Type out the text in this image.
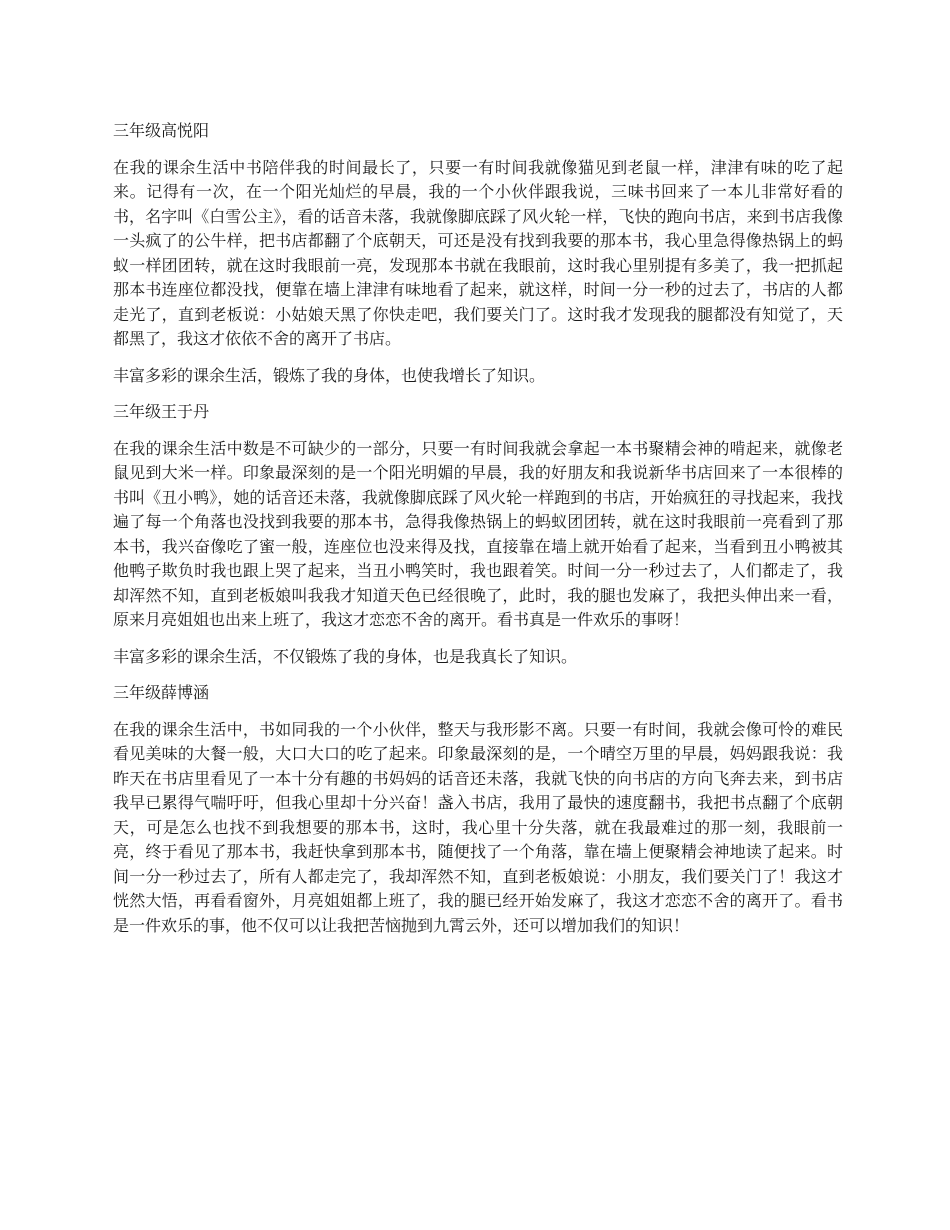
三年级高悦阳

在我的课余生活中书陪伴我的时间最长了，只要一有时间我就像猫见到老鼠一样，津津有味的吃了起来。记得有一次，在一个阳光灿烂的早晨，我的一个小伙伴跟我说，三味书回来了一本儿非常好看的书，名字叫《白雪公主》，看的话音未落，我就像脚底踩了风火轮一样，飞快的跑向书店，来到书店我像一头疯了的公牛样，把书店都翻了个底朝天，可还是没有找到我要的那本书，我心里急得像热锅上的蚂蚁一样团团转，就在这时我眼前一亮，发现那本书就在我眼前，这时我心里别提有多美了，我一把抓起那本书连座位都没找，便靠在墙上津津有味地看了起来，就这样，时间一分一秒的过去了，书店的人都走光了，直到老板说：小姑娘天黑了你快走吧，我们要关门了。这时我才发现我的腿都没有知觉了，天都黑了，我这才依依不舍的离开了书店。

丰富多彩的课余生活，锻炼了我的身体，也使我增长了知识。

三年级王于丹

在我的课余生活中数是不可缺少的一部分，只要一有时间我就会拿起一本书聚精会神的啃起来，就像老鼠见到大米一样。印象最深刻的是一个阳光明媚的早晨，我的好朋友和我说新华书店回来了一本很棒的书叫《丑小鸭》，她的话音还未落，我就像脚底踩了风火轮一样跑到的书店，开始疯狂的寻找起来，我找遍了每一个角落也没找到我要的那本书，急得我像热锅上的蚂蚁团团转，就在这时我眼前一亮看到了那本书，我兴奋像吃了蜜一般，连座位也没来得及找，直接靠在墙上就开始看了起来，当看到丑小鸭被其他鸭子欺负时我也跟上哭了起来，当丑小鸭笑时，我也跟着笑。时间一分一秒过去了，人们都走了，我却浑然不知，直到老板娘叫我我才知道天色已经很晚了，此时，我的腿也发麻了，我把头伸出来一看，原来月亮姐姐也出来上班了，我这才恋恋不舍的离开。看书真是一件欢乐的事呀！

丰富多彩的课余生活，不仅锻炼了我的身体，也是我真长了知识。

三年级薛博涵

在我的课余生活中，书如同我的一个小伙伴，整天与我形影不离。只要一有时间，我就会像可怜的难民看见美味的大餐一般，大口大口的吃了起来。印象最深刻的是，一个晴空万里的早晨，妈妈跟我说：我昨天在书店里看见了一本十分有趣的书妈妈的话音还未落，我就飞快的向书店的方向飞奔去来，到书店我早已累得气喘吁吁，但我心里却十分兴奋！盏入书店，我用了最快的速度翻书，我把书点翻了个底朝天，可是怎么也找不到我想要的那本书，这时，我心里十分失落，就在我最难过的那一刻，我眼前一亮，终于看见了那本书，我赶快拿到那本书，随便找了一个角落，靠在墙上便聚精会神地读了起来。时间一分一秒过去了，所有人都走完了，我却浑然不知，直到老板娘说：小朋友，我们要关门了！我这才恍然大悟，再看看窗外，月亮姐姐都上班了，我的腿已经开始发麻了，我这才恋恋不舍的离开了。看书是一件欢乐的事，他不仅可以让我把苦恼抛到九霄云外，还可以增加我们的知识！
